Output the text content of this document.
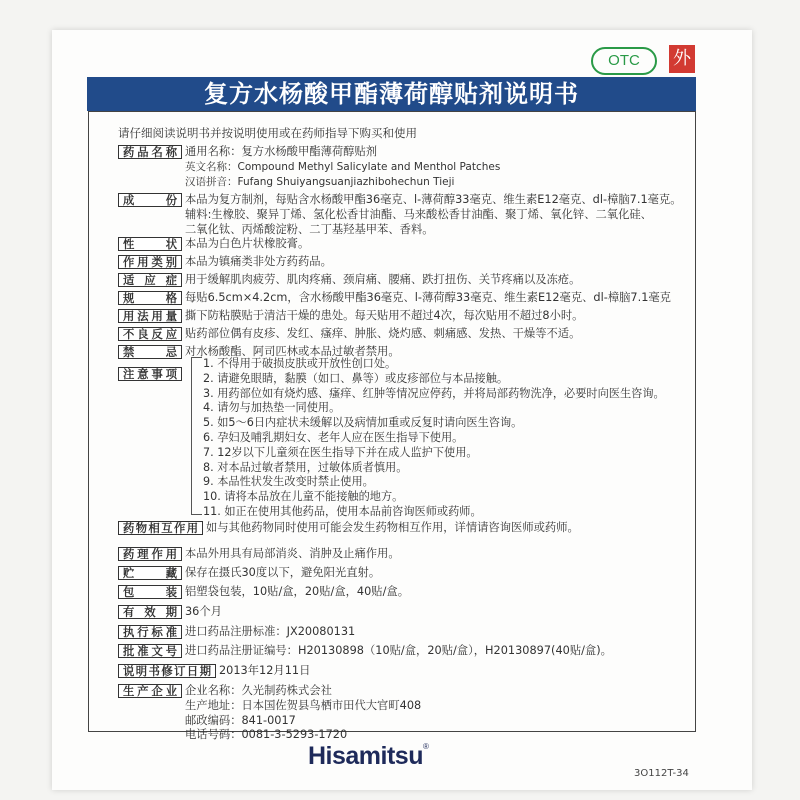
OTC	外
复方水杨酸甲酯薄荷醇贴剂说明书
请仔细阅读说明书并按说明使用或在药师指导下购买和使用
药品名称 通用名称：复方水杨酸甲酯薄荷醇贴剂
英文名称：Compound Methyl Salicylate and Menthol Patches
汉语拼音：Fufang Shuiyangsuanjiazhibohechun Tieji
成 份 本品为复方制剂，每贴含水杨酸甲酯36毫克、l-薄荷醇33毫克、维生素E12毫克、dl-樟脑7.1毫克。
辅料:生橡胶、聚异丁烯、氢化松香甘油酯、马来酸松香甘油酯、聚丁烯、氧化锌、二氧化硅、
二氧化钛、丙烯酸淀粉、二丁基羟基甲苯、香料。
性 状 本品为白色片状橡胶膏。
作用类别 本品为镇痛类非处方药药品。
适 应 症 用于缓解肌肉疲劳、肌肉疼痛、颈肩痛、腰痛、跌打扭伤、关节疼痛以及冻疮。
规 格 每贴6.5cm×4.2cm，含水杨酸甲酯36毫克、l-薄荷醇33毫克、维生素E12毫克、dl-樟脑7.1毫克
用法用量 撕下防粘膜贴于清洁干燥的患处。每天贴用不超过4次，每次贴用不超过8小时。
不良反应 贴药部位偶有皮疹、发红、瘙痒、肿胀、烧灼感、刺痛感、发热、干燥等不适。
禁 忌 对水杨酸酯、阿司匹林或本品过敏者禁用。
注意事项
1. 不得用于破损皮肤或开放性创口处。
2. 请避免眼睛，黏膜（如口、鼻等）或皮疹部位与本品接触。
3. 用药部位如有烧灼感、瘙痒、红肿等情况应停药，并将局部药物洗净，必要时向医生咨询。
4. 请勿与加热垫一同使用。
5. 如5～6日内症状未缓解以及病情加重或反复时请向医生咨询。
6. 孕妇及哺乳期妇女、老年人应在医生指导下使用。
7. 12岁以下儿童须在医生指导下并在成人监护下使用。
8. 对本品过敏者禁用，过敏体质者慎用。
9. 本品性状发生改变时禁止使用。
10. 请将本品放在儿童不能接触的地方。
11. 如正在使用其他药品，使用本品前咨询医师或药师。
药物相互作用 如与其他药物同时使用可能会发生药物相互作用，详情请咨询医师或药师。
药理作用 本品外用具有局部消炎、消肿及止痛作用。
贮 藏 保存在摄氏30度以下，避免阳光直射。
包 装 铝塑袋包装，10贴/盒，20贴/盒，40贴/盒。
有 效 期 36个月
执行标准 进口药品注册标准：JX20080131
批准文号 进口药品注册证编号：H20130898（10贴/盒，20贴/盒），H20130897(40贴/盒)。
说明书修订日期 2013年12月11日
生产企业 企业名称：久光制药株式会社
生产地址：日本国佐贺县鸟栖市田代大官町408
邮政编码：841-0017
电话号码：0081-3-5293-1720
Hisamitsu®
3O112T-34
